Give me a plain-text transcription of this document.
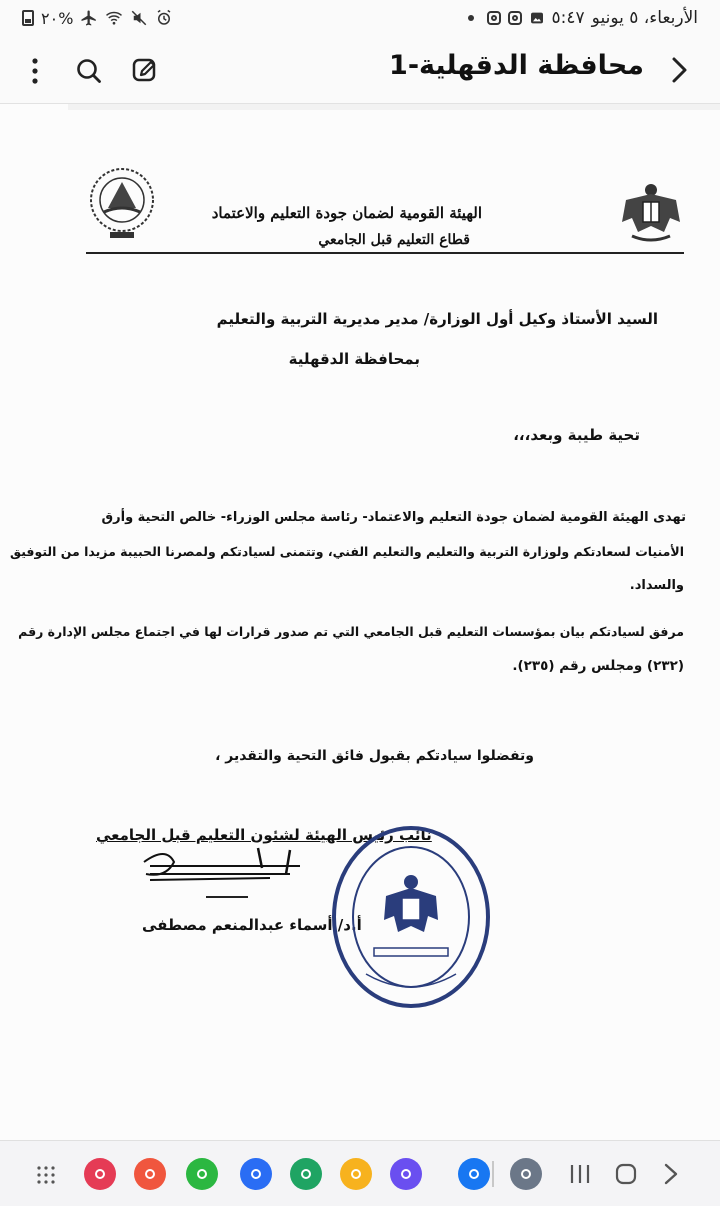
٢٠%	الأربعاء، ٥ يونيو
٥:٤٧
محافظة الدقهلية-1
الهيئة القومية لضمان جودة التعليم والاعتماد
قطاع التعليم قبل الجامعي
السيد الأستاذ وكيل أول الوزارة/ مدير مديرية التربية والتعليم
بمحافظة الدقهلية
تحية طيبة وبعد،،،
تهدى الهيئة القومية لضمان جودة التعليم والاعتماد- رئاسة مجلس الوزراء- خالص التحية وأرق
الأمنيات لسعادتكم ولوزارة التربية والتعليم والتعليم الفني، وتتمنى لسيادتكم ولمصرنا الحبيبة مزيدا من التوفيق
والسداد.
مرفق لسيادتكم بيان بمؤسسات التعليم قبل الجامعي التي تم صدور قرارات لها في اجتماع مجلس الإدارة رقم
(٢٣٢) ومجلس رقم (٢٣٥).
وتفضلوا سيادتكم بقبول فائق التحية والتقدير ،
نائب رئيس الهيئة لشئون التعليم قبل الجامعي
أ.د/ أسماء عبدالمنعم مصطفى
